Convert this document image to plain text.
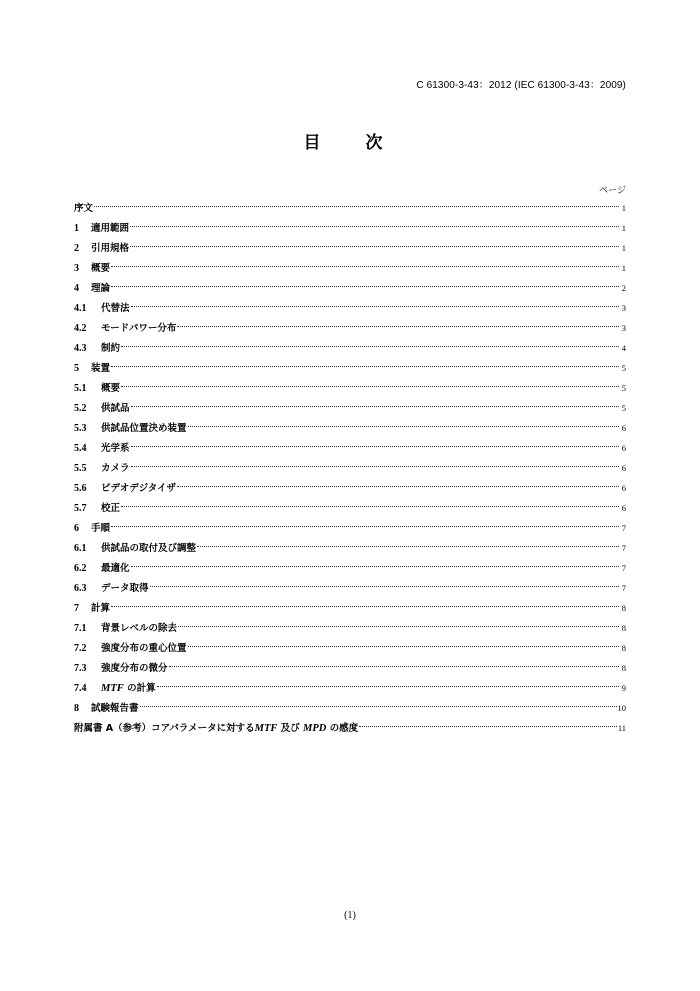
C 61300-3-43：2012 (IEC 61300-3-43：2009)
目　次
ページ
序文	1
1	適用範囲	1
2	引用規格	1
3	概要	1
4	理論	2
4.1	代替法	3
4.2	モードパワー分布	3
4.3	制約	4
5	装置	5
5.1	概要	5
5.2	供試品	5
5.3	供試品位置決め装置	6
5.4	光学系	6
5.5	カメラ	6
5.6	ビデオデジタイザ	6
5.7	校正	6
6	手順	7
6.1	供試品の取付及び調整	7
6.2	最適化	7
6.3	データ取得	7
7	計算	8
7.1	背景レベルの除去	8
7.2	強度分布の重心位置	8
7.3	強度分布の微分	8
7.4	MTF の計算	9
8	試験報告書	10
附属書 A（参考）コアパラメータに対するMTF 及び MPD の感度	11
(1)
